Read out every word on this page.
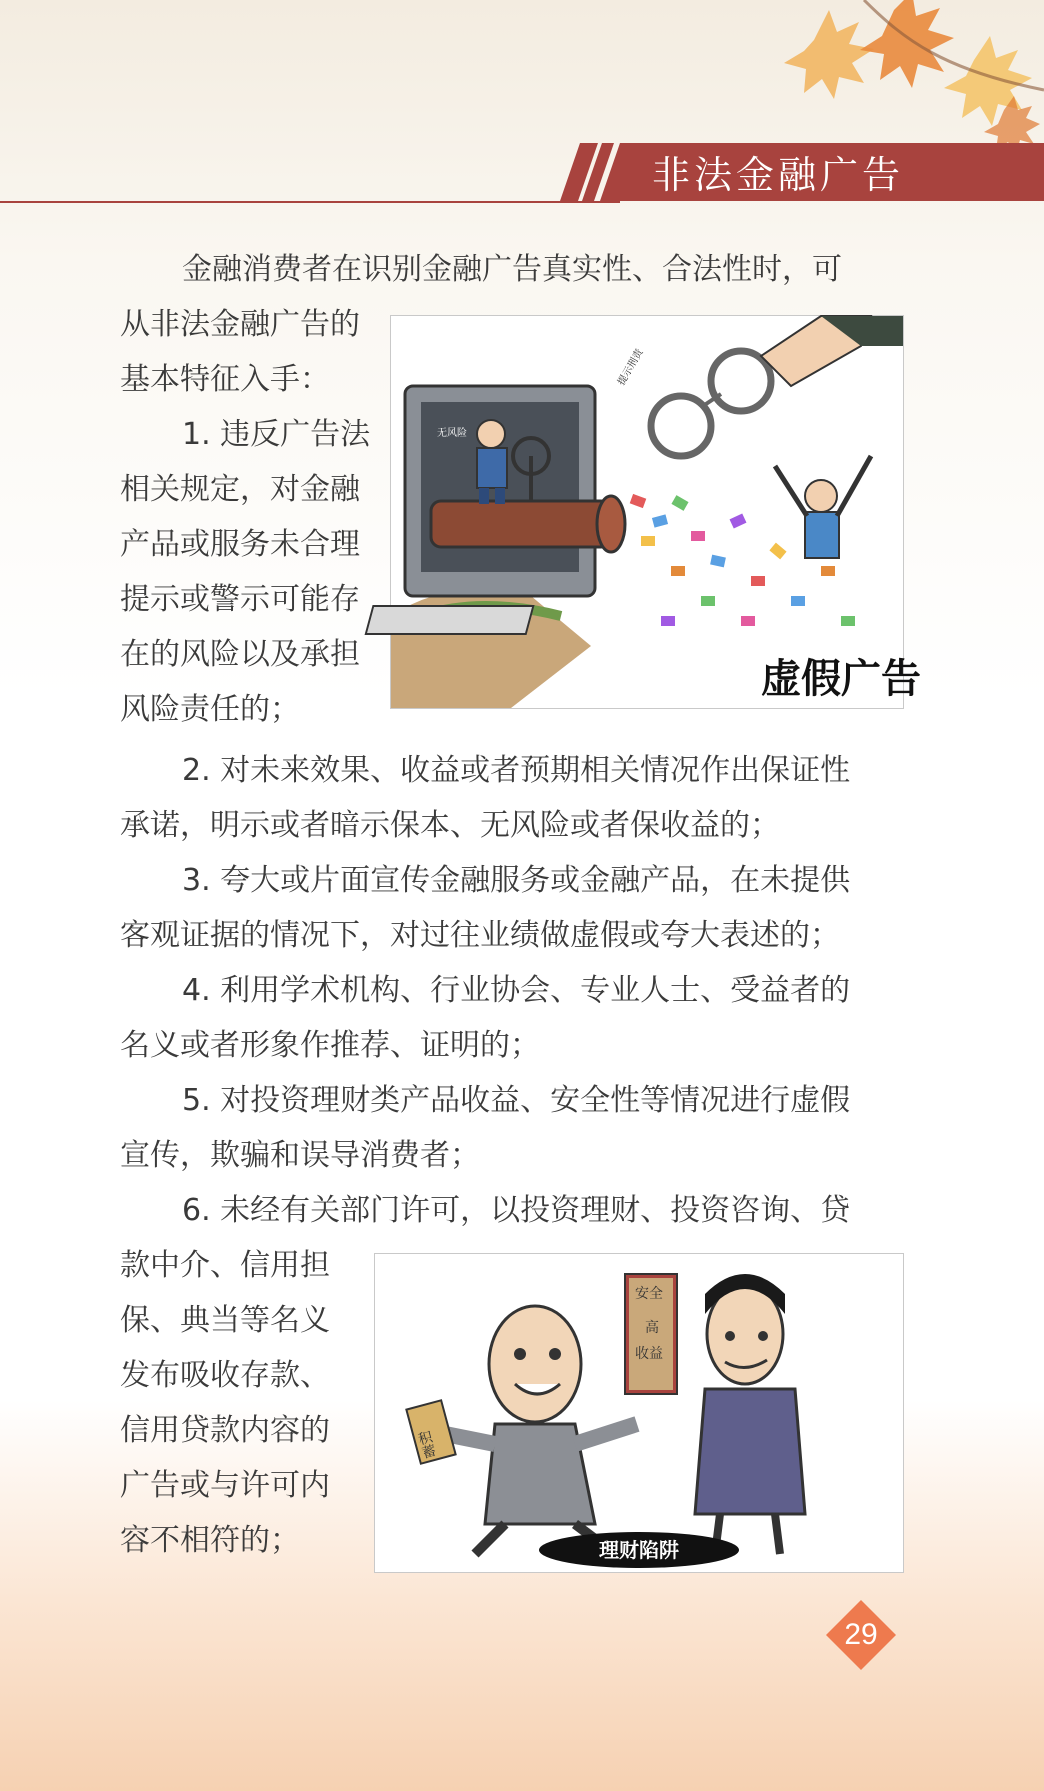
非法金融广告

金融消费者在识别金融广告真实性、合法性时，可

从非法金融广告的

基本特征入手：

1. 违反广告法

相关规定，对金融

产品或服务未合理

提示或警示可能存

在的风险以及承担

风险责任的；

无风险
提示刑责
虚假广告

2. 对未来效果、收益或者预期相关情况作出保证性

承诺，明示或者暗示保本、无风险或者保收益的；

3. 夸大或片面宣传金融服务或金融产品，在未提供

客观证据的情况下，对过往业绩做虚假或夸大表述的；

4. 利用学术机构、行业协会、专业人士、受益者的

名义或者形象作推荐、证明的；

5. 对投资理财类产品收益、安全性等情况进行虚假

宣传，欺骗和误导消费者；

6. 未经有关部门许可，以投资理财、投资咨询、贷

款中介、信用担

保、典当等名义

发布吸收存款、

信用贷款内容的

广告或与许可内

容不相符的；

积蓄
安全
高
收益
理财陷阱
29
